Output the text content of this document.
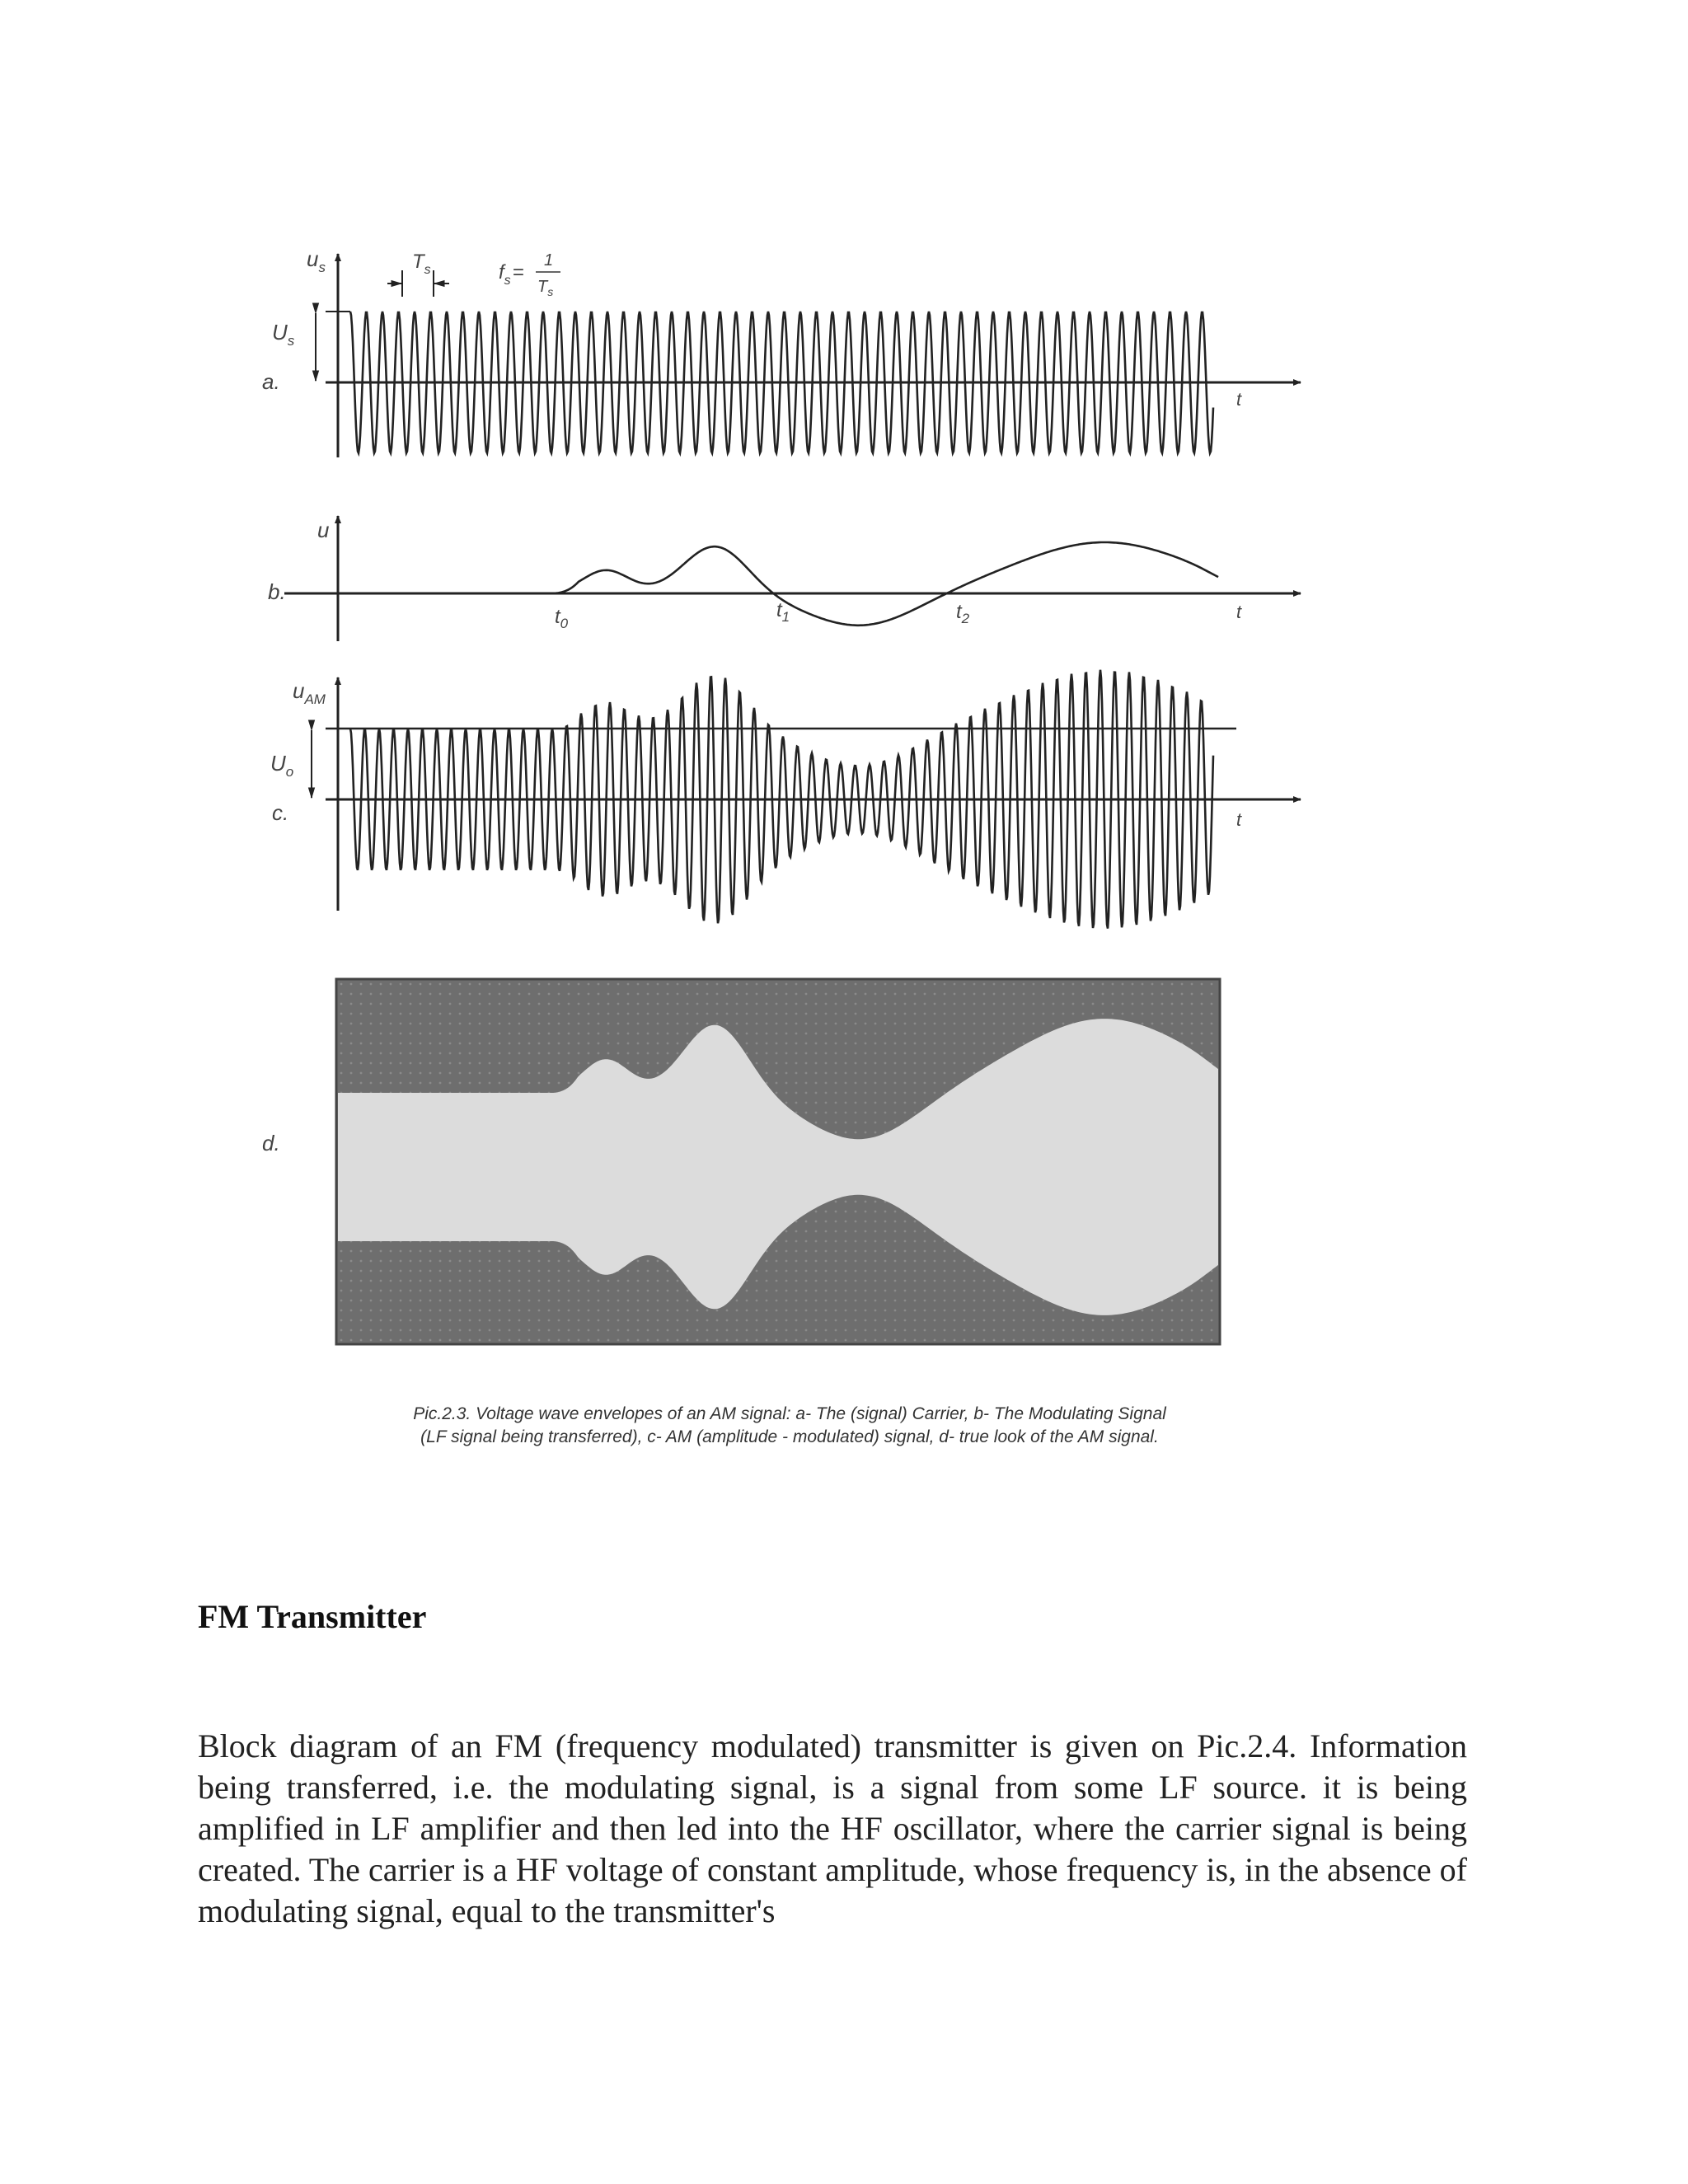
a.
$u_s$
$U_s$
$T_s$	$f_s=$
1
$T_s$
t
b.
u
$t_0$
$t_1$	$t_2$	t
c.
$u_{AM}$
$U_o$
t
d.
Pic.2.3. Voltage wave envelopes of an AM signal: a- The (signal) Carrier, b- The Modulating Signal
(LF signal being transferred), c- AM (amplitude - modulated) signal, d- true look of the AM signal.
FM Transmitter
Block diagram of an FM (frequency modulated) transmitter is given on Pic.2.4. Information being transferred, i.e. the modulating signal, is a signal from some LF source. it is being amplified in LF amplifier and then led into the HF oscillator, where the carrier signal is being created. The carrier is a HF voltage of constant amplitude, whose frequency is, in the absence of modulating signal, equal to the transmitter's
